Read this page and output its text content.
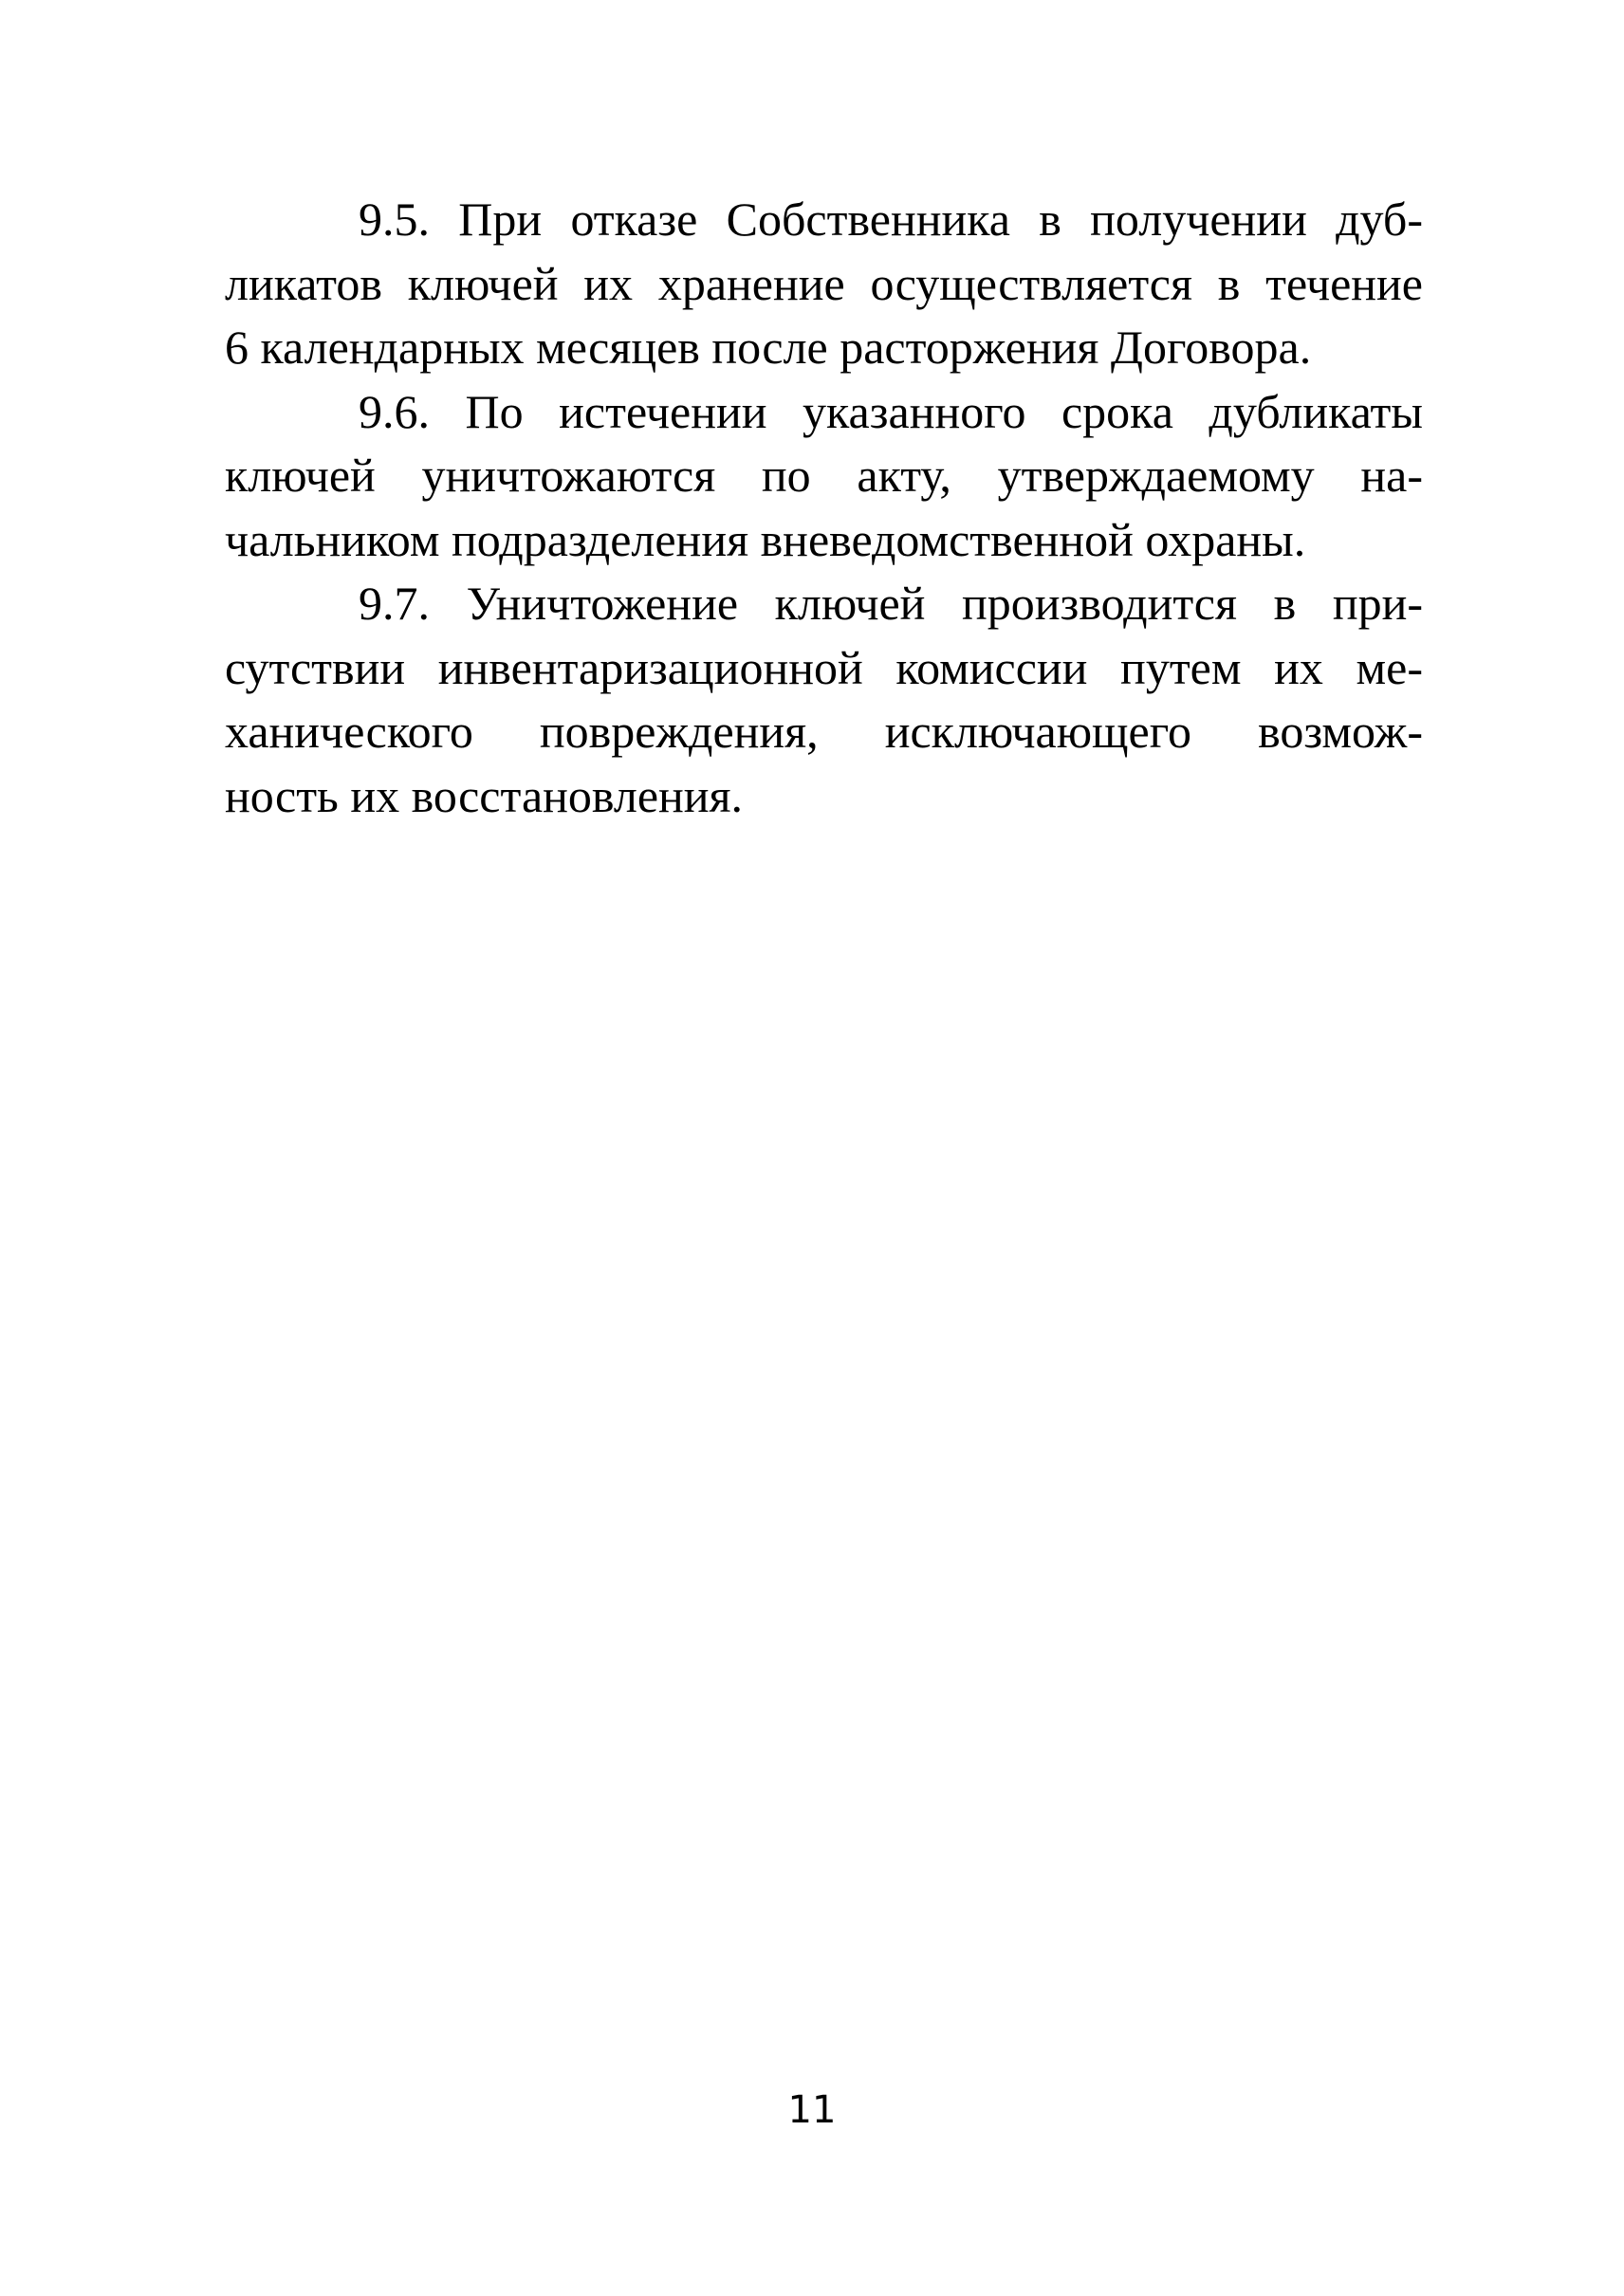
9.5. При отказе Собственника в получении дуб-
ликатов ключей их хранение осуществляется в течение
6 календарных месяцев после расторжения Договора.
9.6. По истечении указанного срока дубликаты
ключей уничтожаются по акту, утверждаемому на-
чальником подразделения вневедомственной охраны.
9.7. Уничтожение ключей производится в при-
сутствии инвентаризационной комиссии путем их ме-
ханического повреждения, исключающего возмож-
ность их восстановления.
11
